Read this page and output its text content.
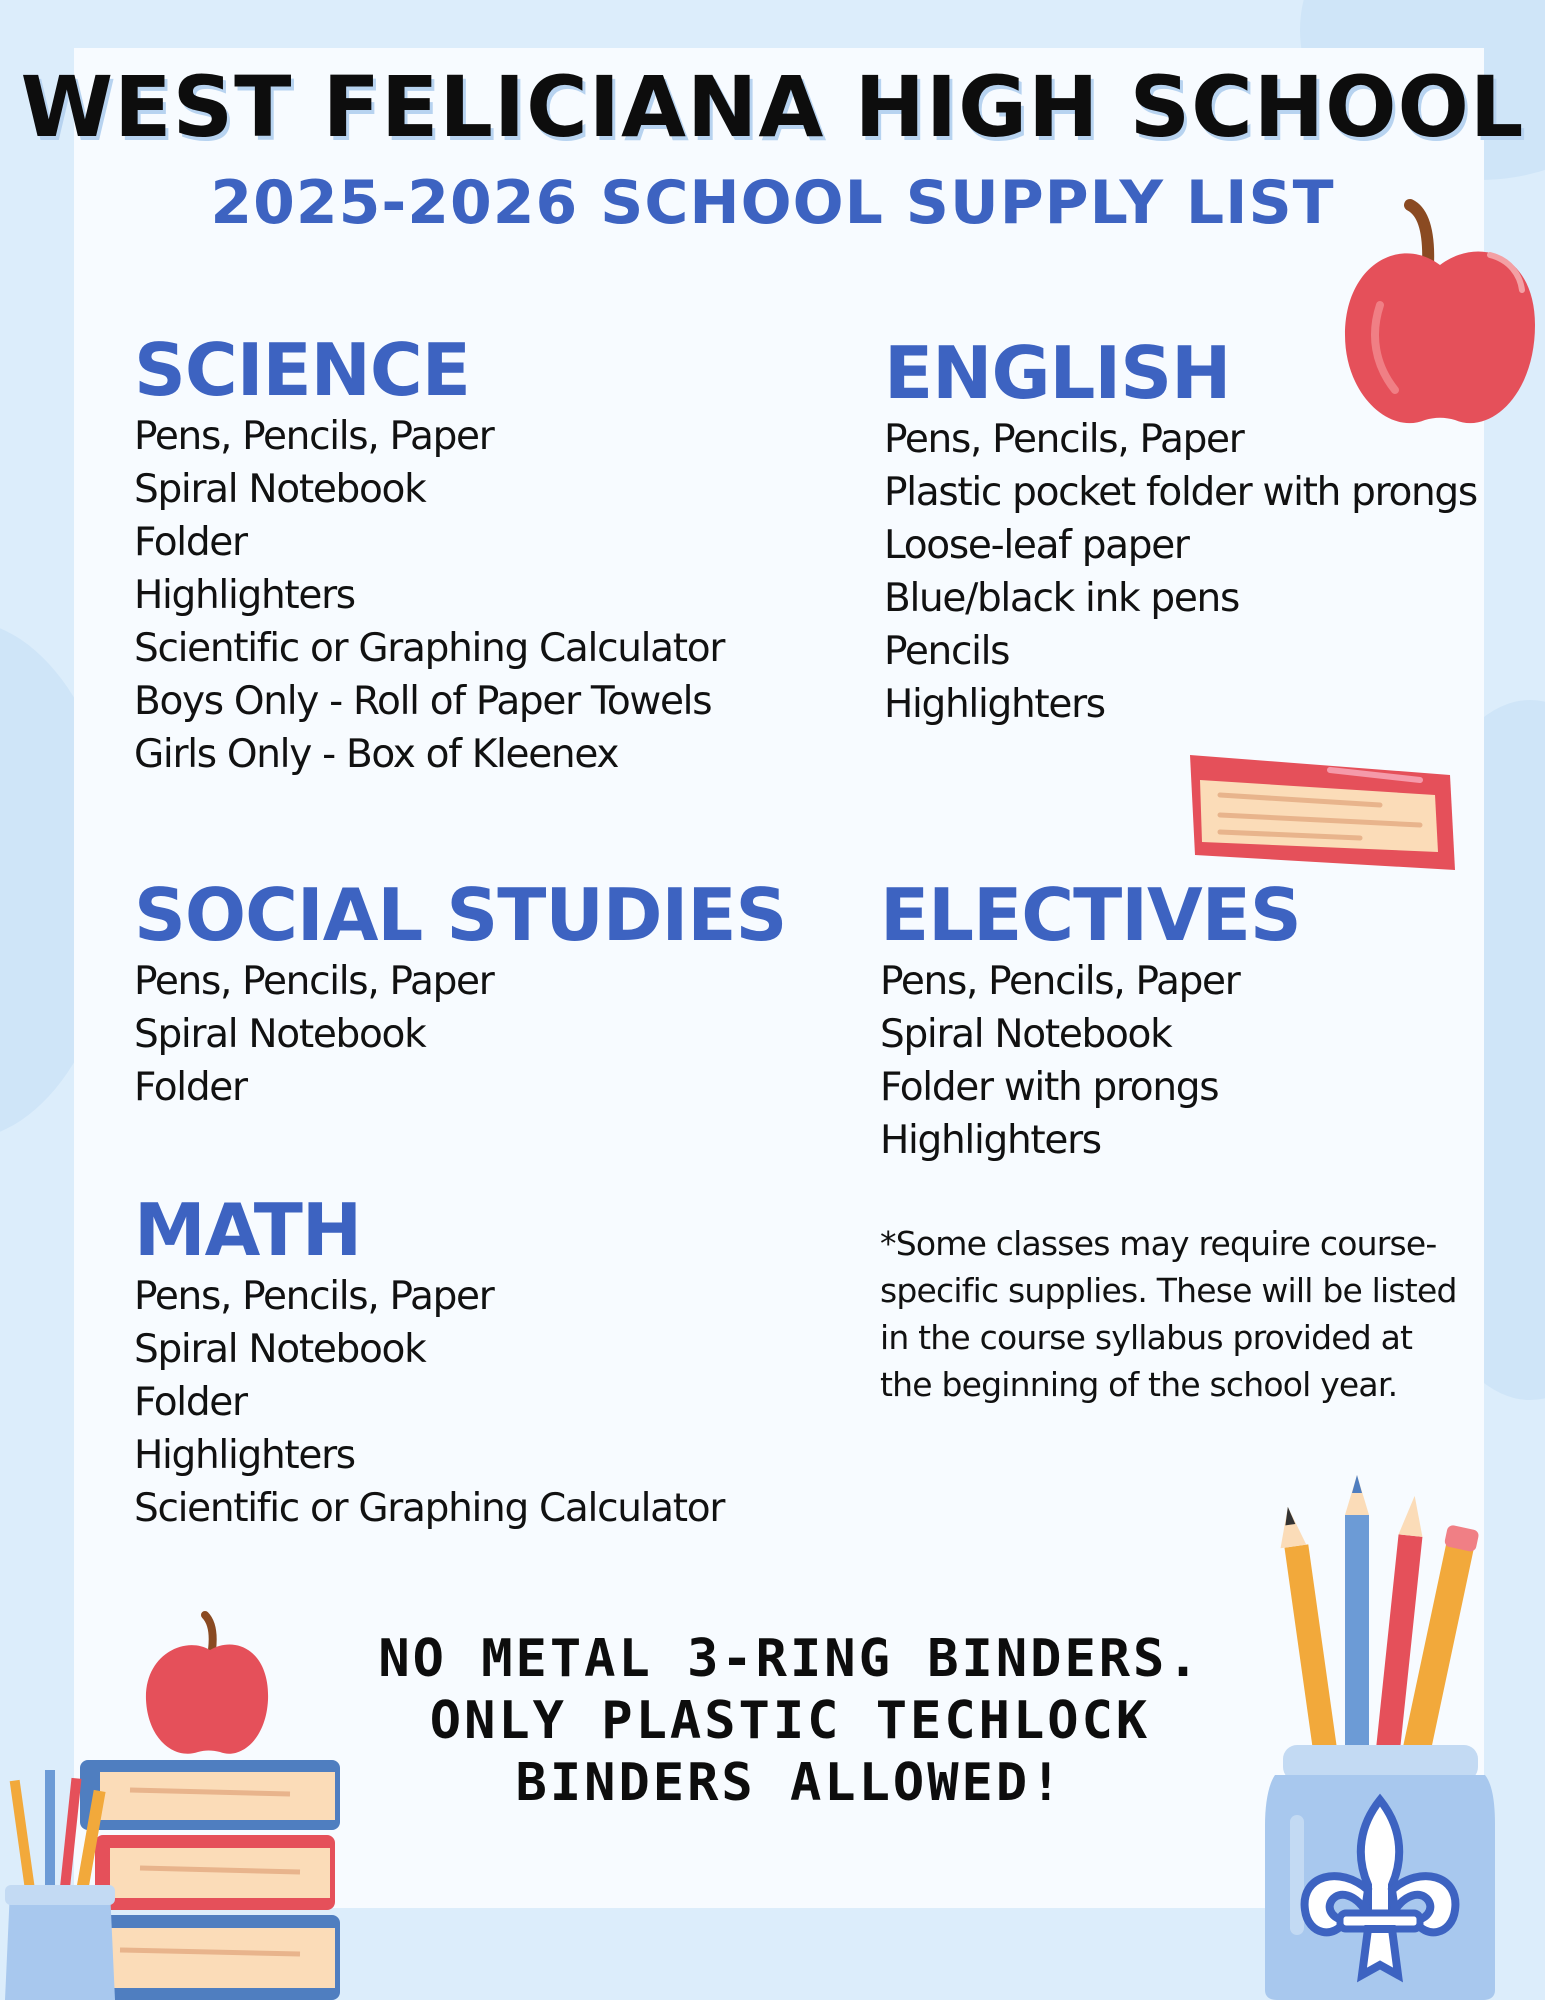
WEST FELICIANA HIGH SCHOOL
2025-2026 SCHOOL SUPPLY LIST
SCIENCE
Pens, Pencils, Paper
Spiral Notebook
Folder
Highlighters
Scientific or Graphing Calculator
Boys Only - Roll of Paper Towels
Girls Only - Box of Kleenex
ENGLISH
Pens, Pencils, Paper
Plastic pocket folder with prongs
Loose-leaf paper
Blue/black ink pens
Pencils
Highlighters
SOCIAL STUDIES
Pens, Pencils, Paper
Spiral Notebook
Folder
ELECTIVES
Pens, Pencils, Paper
Spiral Notebook
Folder with prongs
Highlighters
MATH
Pens, Pencils, Paper
Spiral Notebook
Folder
Highlighters
Scientific or Graphing Calculator
*Some classes may require course-specific supplies. These will be listed in the course syllabus provided at the beginning of the school year.
NO METAL 3-RING BINDERS.
ONLY PLASTIC TECHLOCK
BINDERS ALLOWED!
